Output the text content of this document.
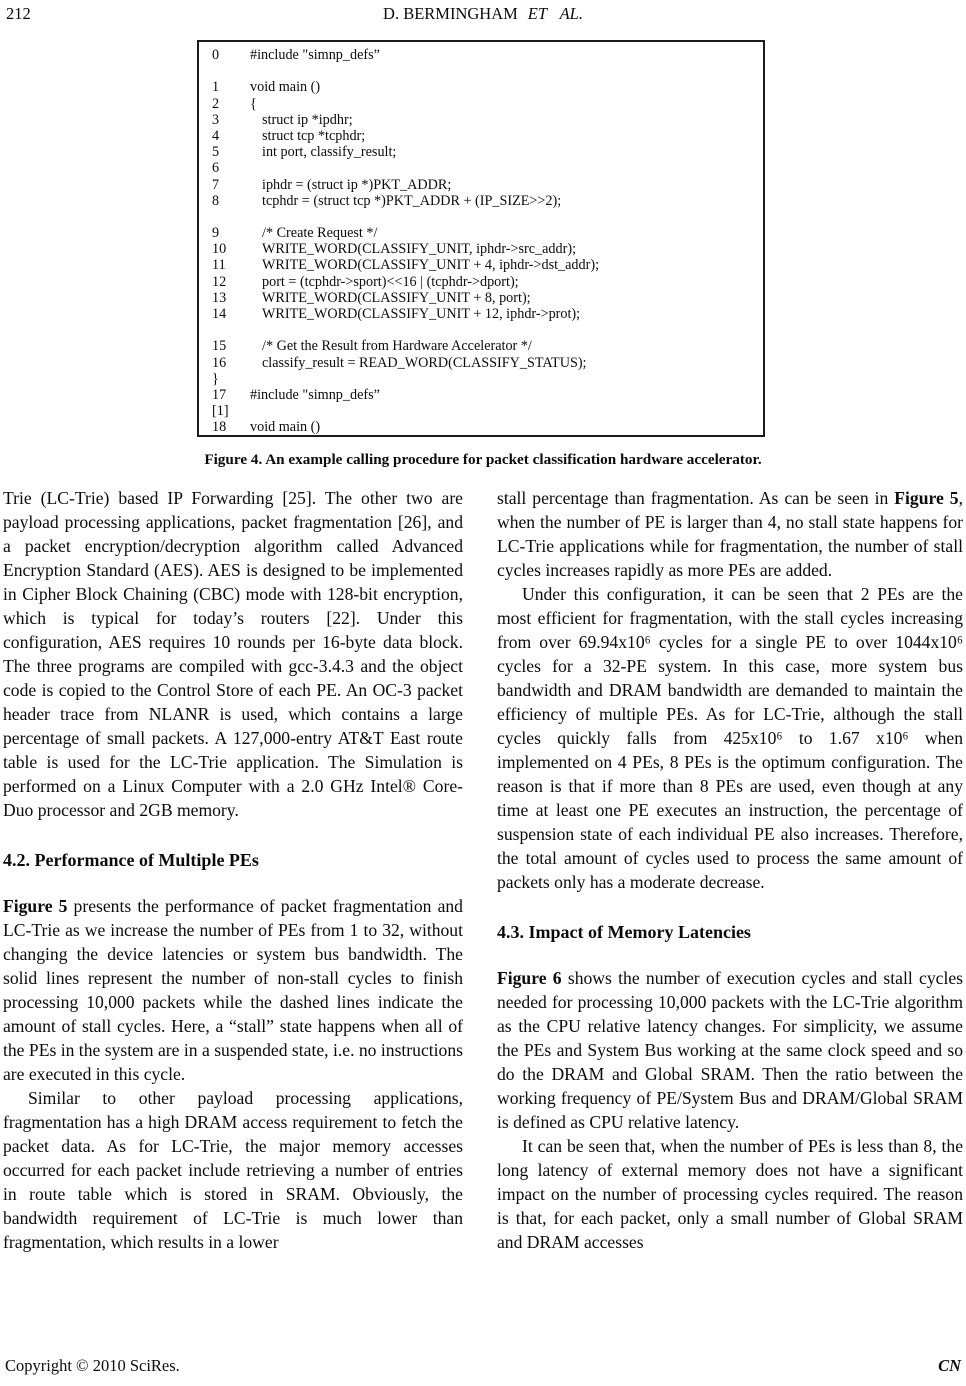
212	D. BERMINGHAM ET AL.
0 #include "simnp_defs”
1 void main ()
2 {
3	struct ip *ipdhr;
4	struct tcp *tcphdr;
5	int port, classify_result;
6
7	iphdr = (struct ip *)PKT_ADDR;
8	tcphdr = (struct tcp *)PKT_ADDR + (IP_SIZE>>2);
9	/* Create Request */
10	WRITE_WORD(CLASSIFY_UNIT, iphdr->src_addr);
11	WRITE_WORD(CLASSIFY_UNIT + 4, iphdr->dst_addr);
12	port = (tcphdr->sport)<<16 | (tcphdr->dport);
13	WRITE_WORD(CLASSIFY_UNIT + 8, port);
14	WRITE_WORD(CLASSIFY_UNIT + 12, iphdr->prot);
15	/* Get the Result from Hardware Accelerator */
16	classify_result = READ_WORD(CLASSIFY_STATUS);
}
17 #include "simnp_defs”
[1]
18 void main ()
Figure 4. An example calling procedure for packet classification hardware accelerator.

Trie (LC-Trie) based IP Forwarding [25]. The other two are payload processing applications, packet fragmentation [26], and a packet encryption/decryption algorithm called Advanced Encryption Standard (AES). AES is designed to be implemented in Cipher Block Chaining (CBC) mode with 128-bit encryption, which is typical for today’s routers [22]. Under this configuration, AES requires 10 rounds per 16-byte data block. The three programs are compiled with gcc-3.4.3 and the object code is copied to the Control Store of each PE. An OC-3 packet header trace from NLANR is used, which contains a large percentage of small packets. A 127,000-entry AT&T East route table is used for the LC-Trie application. The Simulation is performed on a Linux Computer with a 2.0 GHz Intel® Core-Duo processor and 2GB memory.

4.2. Performance of Multiple PEs

Figure 5 presents the performance of packet fragmentation and LC-Trie as we increase the number of PEs from 1 to 32, without changing the device latencies or system bus bandwidth. The solid lines represent the number of non-stall cycles to finish processing 10,000 packets while the dashed lines indicate the amount of stall cycles. Here, a “stall” state happens when all of the PEs in the system are in a suspended state, i.e. no instructions are executed in this cycle.

Similar to other payload processing applications, fragmentation has a high DRAM access requirement to fetch the packet data. As for LC-Trie, the major memory accesses occurred for each packet include retrieving a number of entries in route table which is stored in SRAM. Obviously, the bandwidth requirement of LC-Trie is much lower than fragmentation, which results in a lower

stall percentage than fragmentation. As can be seen in Figure 5, when the number of PE is larger than 4, no stall state happens for LC-Trie applications while for fragmentation, the number of stall cycles increases rapidly as more PEs are added.

Under this configuration, it can be seen that 2 PEs are the most efficient for fragmentation, with the stall cycles increasing from over 69.94x10⁶ cycles for a single PE to over 1044x10⁶ cycles for a 32-PE system. In this case, more system bus bandwidth and DRAM bandwidth are demanded to maintain the efficiency of multiple PEs. As for LC-Trie, although the stall cycles quickly falls from 425x10⁶ to 1.67 x10⁶ when implemented on 4 PEs, 8 PEs is the optimum configuration. The reason is that if more than 8 PEs are used, even though at any time at least one PE executes an instruction, the percentage of suspension state of each individual PE also increases. Therefore, the total amount of cycles used to process the same amount of packets only has a moderate decrease.

4.3. Impact of Memory Latencies

Figure 6 shows the number of execution cycles and stall cycles needed for processing 10,000 packets with the LC-Trie algorithm as the CPU relative latency changes. For simplicity, we assume the PEs and System Bus working at the same clock speed and so do the DRAM and Global SRAM. Then the ratio between the working frequency of PE/System Bus and DRAM/Global SRAM is defined as CPU relative latency.

It can be seen that, when the number of PEs is less than 8, the long latency of external memory does not have a significant impact on the number of processing cycles required. The reason is that, for each packet, only a small number of Global SRAM and DRAM accesses

Copyright © 2010 SciRes.	CN
